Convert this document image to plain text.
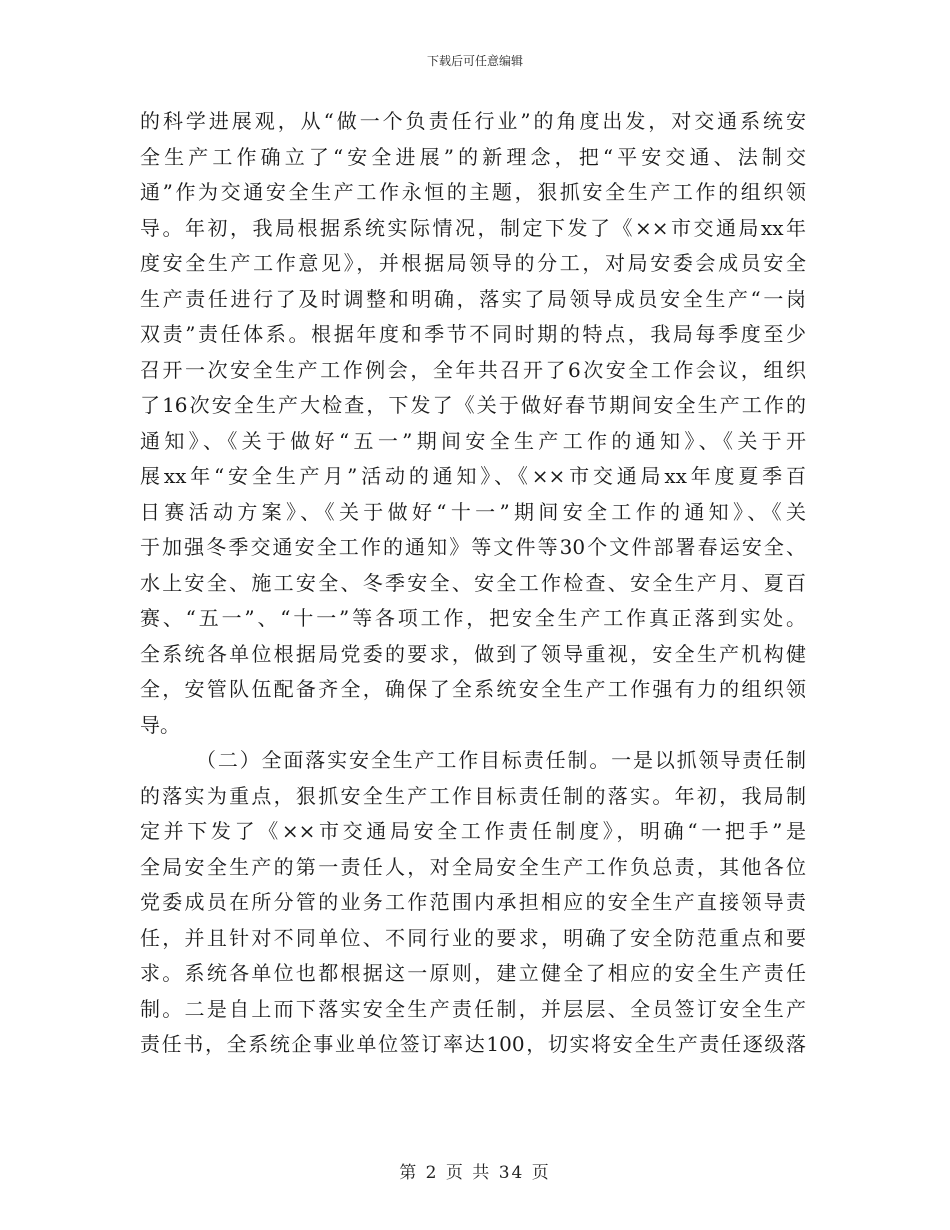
下载后可任意编辑
的科学进展观，从“做一个负责任行业”的角度出发，对交通系统安
全生产工作确立了“安全进展”的新理念，把“平安交通、法制交
通”作为交通安全生产工作永恒的主题，狠抓安全生产工作的组织领
导。年初，我局根据系统实际情况，制定下发了《××市交通局xx年
度安全生产工作意见》，并根据局领导的分工，对局安委会成员安全
生产责任进行了及时调整和明确，落实了局领导成员安全生产“一岗
双责”责任体系。根据年度和季节不同时期的特点，我局每季度至少
召开一次安全生产工作例会，全年共召开了6次安全工作会议，组织
了16次安全生产大检查，下发了《关于做好春节期间安全生产工作的
通知》、《关于做好“五一”期间安全生产工作的通知》、《关于开
展xx年“安全生产月”活动的通知》、《××市交通局xx年度夏季百
日赛活动方案》、《关于做好“十一”期间安全工作的通知》、《关
于加强冬季交通安全工作的通知》等文件等30个文件部署春运安全、
水上安全、施工安全、冬季安全、安全工作检查、安全生产月、夏百
赛、“五一”、“十一”等各项工作，把安全生产工作真正落到实处。
全系统各单位根据局党委的要求，做到了领导重视，安全生产机构健
全，安管队伍配备齐全，确保了全系统安全生产工作强有力的组织领
导。
（二）全面落实安全生产工作目标责任制。一是以抓领导责任制
的落实为重点，狠抓安全生产工作目标责任制的落实。年初，我局制
定并下发了《××市交通局安全工作责任制度》，明确“一把手”是
全局安全生产的第一责任人，对全局安全生产工作负总责，其他各位
党委成员在所分管的业务工作范围内承担相应的安全生产直接领导责
任，并且针对不同单位、不同行业的要求，明确了安全防范重点和要
求。系统各单位也都根据这一原则，建立健全了相应的安全生产责任
制。二是自上而下落实安全生产责任制，并层层、全员签订安全生产
责任书，全系统企事业单位签订率达100，切实将安全生产责任逐级落
第 2 页 共 34 页
